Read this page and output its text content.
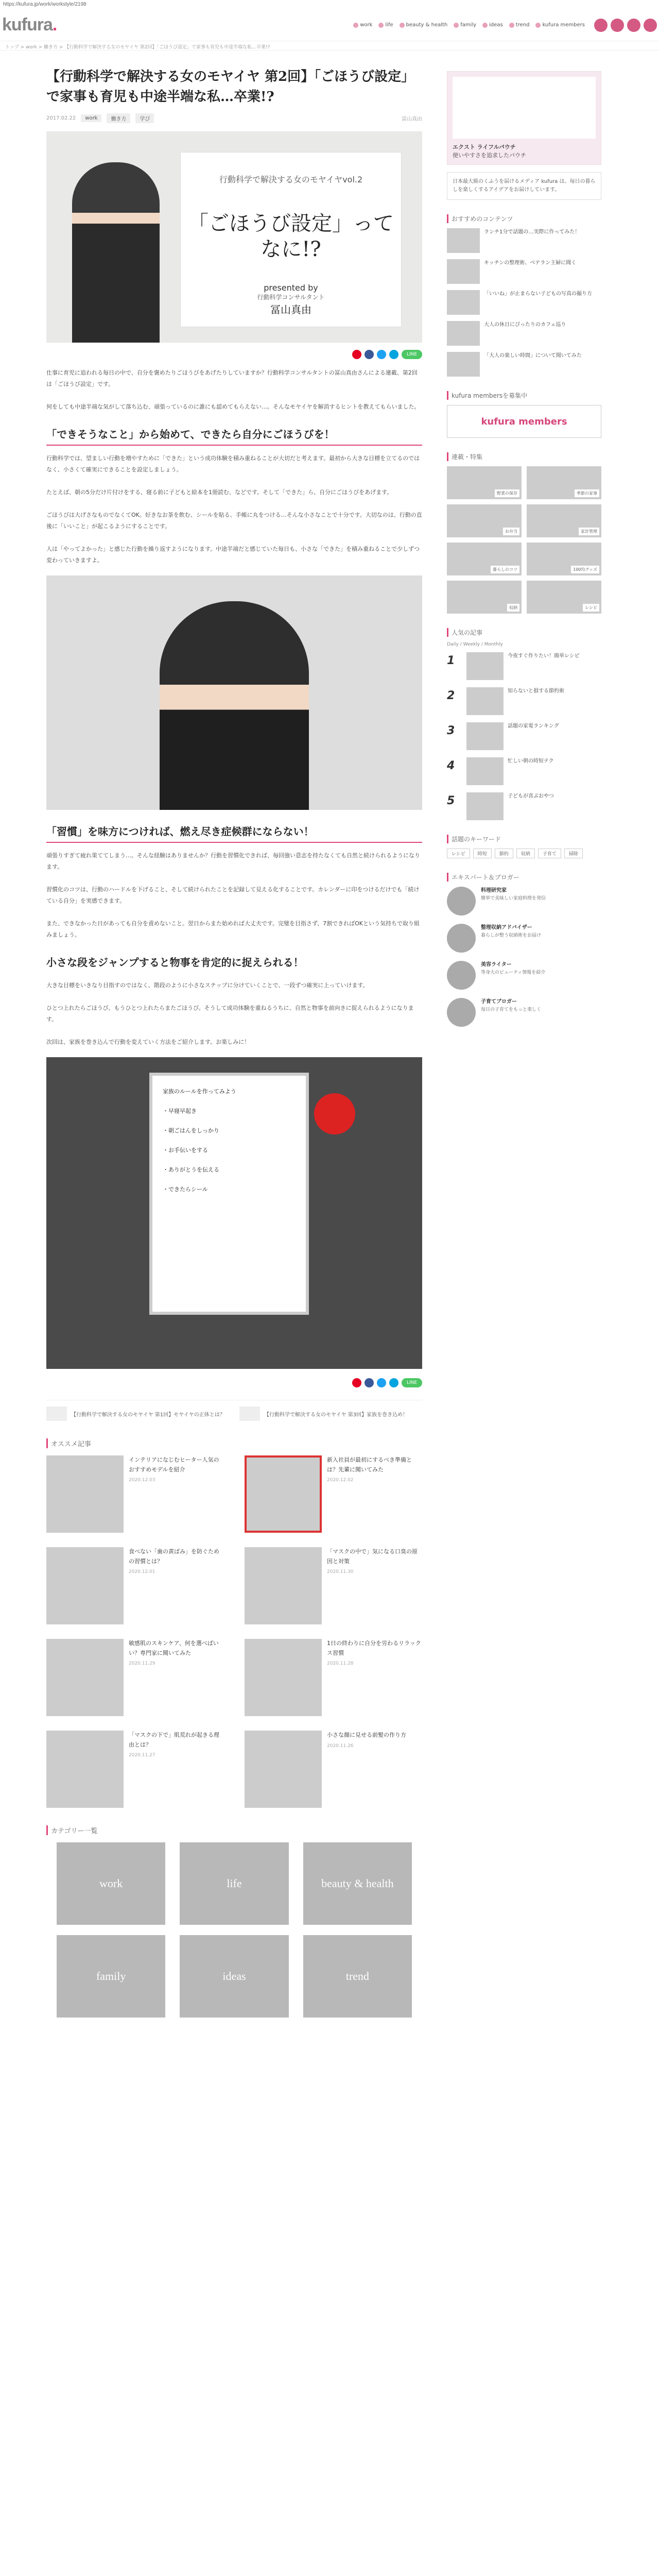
https://kufura.jp/work/workstyle/2198
kufura.	work	life	beauty & health	family	ideas	trend	kufura members
トップ > work > 働き方 > 【行動科学で解決する女のモヤイヤ 第2回】「ごほうび設定」で家事も育児も中途半端な私…卒業!?
【行動科学で解決する女のモヤイヤ 第2回】「ごほうび設定」で家事も育児も中途半端な私…卒業!?
2017.02.22	work	働き方	学び	富山真由
行動科学で解決する女のモヤイヤvol.2
「ごほうび設定」ってなに!?
presented by
行動科学コンサルタント
冨山真由
LINE

仕事に育児に追われる毎日の中で、自分を褒めたりごほうびをあげたりしていますか？行動科学コンサルタントの冨山真由さんによる連載、第2回は「ごほうび設定」です。

何をしても中途半端な気がして落ち込む、頑張っているのに誰にも認めてもらえない…。そんなモヤイヤを解消するヒントを教えてもらいました。

「できそうなこと」から始めて、できたら自分にごほうびを！

行動科学では、望ましい行動を増やすために「できた」という成功体験を積み重ねることが大切だと考えます。最初から大きな目標を立てるのではなく、小さくて確実にできることを設定しましょう。

たとえば、朝の5分だけ片付けをする、寝る前に子どもと絵本を1冊読む、などです。そして「できた」ら、自分にごほうびをあげます。

ごほうびは大げさなものでなくてOK。好きなお茶を飲む、シールを貼る、手帳に丸をつける…そんな小さなことで十分です。大切なのは、行動の直後に「いいこと」が起こるようにすることです。

人は「やってよかった」と感じた行動を繰り返すようになります。中途半端だと感じていた毎日も、小さな「できた」を積み重ねることで少しずつ変わっていきますよ。

「習慣」を味方につければ、燃え尽き症候群にならない！

頑張りすぎて疲れ果ててしまう…。そんな経験はありませんか？行動を習慣化できれば、毎回強い意志を持たなくても自然と続けられるようになります。

習慣化のコツは、行動のハードルを下げること、そして続けられたことを記録して見える化することです。カレンダーに印をつけるだけでも「続けている自分」を実感できます。

また、できなかった日があっても自分を責めないこと。翌日からまた始めれば大丈夫です。完璧を目指さず、7割できればOKという気持ちで取り組みましょう。

小さな段をジャンプすると物事を肯定的に捉えられる！

大きな目標をいきなり目指すのではなく、階段のように小さなステップに分けていくことで、一段ずつ確実に上っていけます。

ひとつ上れたらごほうび、もうひとつ上れたらまたごほうび。そうして成功体験を重ねるうちに、自然と物事を前向きに捉えられるようになります。

次回は、家族を巻き込んで行動を変えていく方法をご紹介します。お楽しみに！

家族のルールを作ってみよう
・早寝早起き
・朝ごはんをしっかり
・お手伝いをする
・ありがとうを伝える
・できたらシール
LINE
【行動科学で解決する女のモヤイヤ 第1回】モヤイヤの正体とは？	【行動科学で解決する女のモヤイヤ 第3回】家族を巻き込め！
オススメ記事
インテリアになじむヒーター人気のおすすめモデルを紹介
2020.12.03
新入社員が最初にするべき準備とは？先輩に聞いてみた
2020.12.02
食べない「歯の黄ばみ」を防ぐための習慣とは？
2020.12.01
「マスクの中で」気になる口臭の原因と対策
2020.11.30
敏感肌のスキンケア、何を選べばいい？専門家に聞いてみた
2020.11.29
1日の終わりに自分を労わるリラックス習慣
2020.11.28
「マスクの下で」肌荒れが起きる理由とは？
2020.11.27
小さな顔に見せる前髪の作り方
2020.11.26
カテゴリー一覧
work	life	beauty & health
family	ideas	trend
エクスト ライフルパウチ
使いやすさを追求したパウチ
日本最大級のくふうを届けるメディア kufura は、毎日の暮らしを楽しくするアイデアをお届けしています。
おすすめのコンテンツ
ランチ1分で話題の…実際に作ってみた！
キッチンの整理術、ベテラン主婦に聞く
「いいね」が止まらない子どもの写真の撮り方
大人の休日にぴったりのカフェ巡り
「大人の楽しい時間」について聞いてみた
kufura membersを募集中
kufura members
連載・特集
野菜の保存	季節の家事
お弁当	家計管理
暮らしのコツ	100均グッズ
収納	レシピ
人気の記事
Daily / Weekly / Monthly
1	今夜すぐ作りたい！簡単レシピ
2	知らないと損する節約術
3	話題の家電ランキング
4	忙しい朝の時短テク
5	子どもが喜ぶおやつ
話題のキーワード
レシピ	時短	節約	収納	子育て	掃除
エキスパート＆ブロガー
料理研究家
簡単で美味しい家庭料理を発信
整理収納アドバイザー
暮らしが整う収納術をお届け
美容ライター
等身大のビューティ情報を紹介
子育てブロガー
毎日の子育てをもっと楽しく
